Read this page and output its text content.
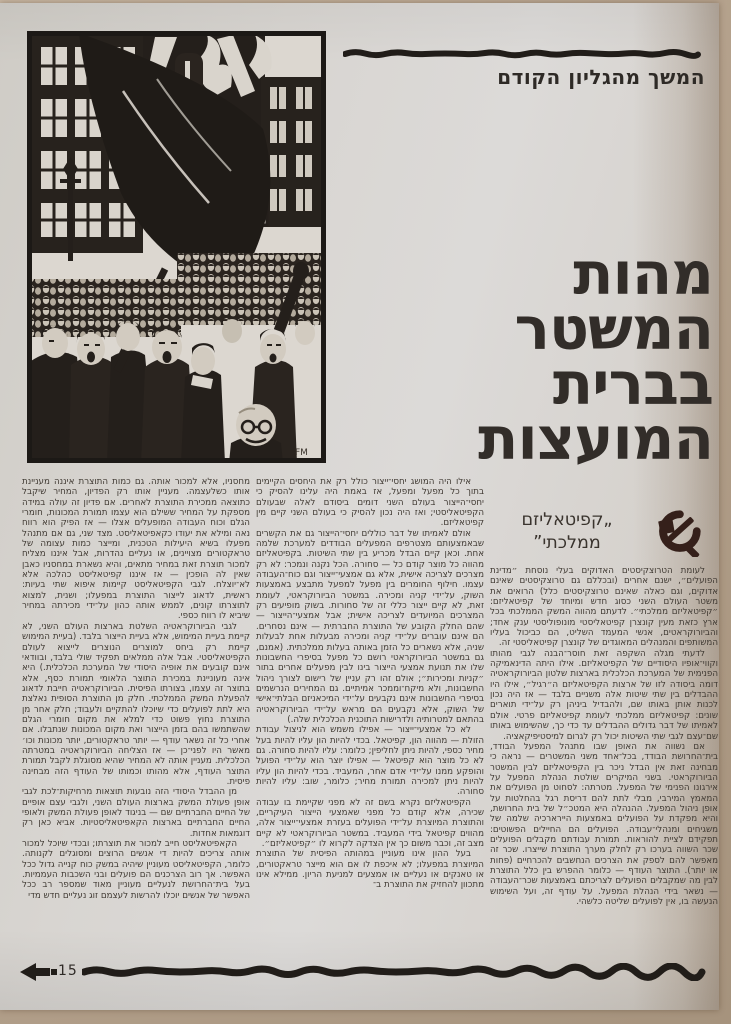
המשך מהגליון הקודם
FM
מהות
המשטר
בברית
המועצות
„קפיטאליזם
ממלכתי”

לעומת הטרוצקיסטים האדוקים בעלי נוסחת ״מדינת הפועלים״, ישנם אחרים (ובכללם גם טרוצקיסטים שאינם אדוקים, וגם כאלה שאינם טרוצקיסטים כלל) הרואים את משטר העולם השני כסוג חדש ומיוחד של קפיטאליזם: ״קפיטאליזם ממלכתי״. לדעתם מהווה המשק הממלכתי בכל ארץ כזאת מעין קונצרן קפיטאליסטי מונופוליסטי ענק אחד; והביורוקראטים, אנשי המעמד השליט, הם כביכול בעליו המשותפים והמנהלים המאוגדים של קונצרן קפיטאליסטי זה.

לדעתי מגלה השקפה זאת חוסר־הבנה לגבי מהותו וקווי־אופיו היסודיים של הקפיטאליזם. אילו היתה הדינאמיקה הפנימית של המערכת הכלכלית בארצות שלטון הביורוקראטיה דומה ביסודה לזו של ארצות הקפיטאליזם ה״רגיל״, אילו היו ההבדלים בין שתי שיטות אלה משניים בלבד — אז היה נכון לכנות אותן באותו שם, ולהבדיל ביניהן רק על־ידי תוארים שונים: קפיטאליזם ממלכתי לעומת קפיטאליזם פרטי. אולם לאמיתו של דבר גדולים ההבדלים עד כדי כך, שהשימוש באותו שם־עצם לגבי שתי השיטות יכול רק לגרום למיסטיפיקאציה.

אם נשווה את האופן שבו מתנהל המפעל הבודד, בית־החרושת הבודד, בכל־אחד משני המשטרים — נראה כי מבחינה זאת אין הבדל ניכר בין הקפיטאליזם לבין המשטר הביורוקראטי. בשני המיקרים שולטת הנהלת המפעל על אירגונו הפנימי של המפעל. מטרתה: לסחוט מן הפועלים את המאמץ המירבי, מבלי לתת להם דריסת רגל בהחלטות על אופן ניהול המפעל. ההנהלה היא המטכ״ל של בית החרושת, והיא מפקדת על הפועלים באמצעות היירארכיה שלמה של משגיחים ומנהלי־עבודה. הפועלים הם החיילים הפשוטים: תפקידם לציית להוראות. תמורת עבודתם מקבלים הפועלים שכר השווה בערכו רק לחלק מערך התוצרת שייצרו. שכר זה מאפשר להם לספק את הצרכים הנחשבים להכרחיים (פחות או יותר). התוצר העודף — כלומר ההפרש בין כלל התוצרת לבין מה שמקבלים הפועלים לצריכתם באמצעות שכר־העבודה — נשאר בידי הנהלת המפעל. על עודף זה, ועל השימוש הנעשה בו, אין לפועלים שליטה כלשהי.

אילו היה המושג יחסי־ייצור כולל רק את היחסים הקיימים בתוך כל מפעל ומפעל, אז באמת היה עלינו להסיק כי יחסי־הייצור בעולם השני דומים ביסודם לאלה שבעולם הקפיטאליסטי; ואז היה נכון להסיק כי בעולם השני קיים מין קפיטאליזם.

אולם לאמיתו של דבר כוללים יחסי־הייצור גם את הקשרים שבאמצעותם מצטרפים המפעלים הבודדים למערכת שלמה אחת. וכאן קיים הבדל מכריע בין שתי השיטות. בקפיטאליזם מהווה כל מוצר קודם כל — סחורה. הכל נקנה ונמכר: לא רק מצרכים לצריכה אישית, אלא גם אמצעי־ייצור וגם כוח־העבודה עצמו. חילוף החומרים בין מפעל למפעל מתבצע באמצעות השוק, על־ידי קניה ומכירה. במשטר הביורוקראטי, לעומת זאת, לא קיים ייצור כללי זה של סחורות. בשוק מופיעים רק המצרכים המיועדים לצריכה אישית; אבל אמצעי־הייצור — שהם החלק הקובע של התוצרת החברתית — אינם נסחרים. הם אינם עוברים על־ידי קניה ומכירה מבעלות אחת לבעלות שניה, אלא נשארים כל הזמן באותה בעלות ממלכתית. (אמנם, גם במשטר הביורוקראטי רושם כל מפעל בסיפרי החשבונות שלו את תנועת אמצעי הייצור בינו לבין מפעלים אחרים בתור ״קניות ומכירות״; אולם זהו רק עניין של רישום לצורך ניהול החשבונות, ולא מיקח־וממכר אמיתיים. גם המחירים הנרשמים בסיפרי החשבונות אינם נקבעים על־ידי המיכאניזם הבלתי־אישי של השוק, אלא נקבעים הם מראש על־ידי הביורוקראטיה בהתאם למטרותיה ולדרישות התוכנית הכלכלית שלה.)

לא כל אמצעי־ייצור — אפילו משמש הוא לניצול עבודת הזולת — מהווה הון, קפיטאל. בכדי להיות הון עליו להיות בעל מחיר כספי, להיות ניתן לחליפין; כלומר: עליו להיות סחורה. גם לא כל מוצר הוא קפיטאל — אפילו יוצר הוא על־ידי הפועל והופקע ממנו על־ידי אדם אחר, המעביד. בכדי להיות הון עליו להיות ניתן למכירה תמורת מחיר; כלומר, שוב: עליו להיות סחורה.

הקפיטאליזם נקרא בשם זה לא מפני שקיימת בו עבודה שכירה, אלא קודם כל מפני שאמצעי הייצור העיקריים, והתוצרת המיוצרת על־ידי הפועלים בעזרת אמצעי־ייצור אלה, מהווים קפיטאל בידי המעביד. במשטר הביורוקראטי לא קיים מצב זה, וכבר משום כך אין הצדקה לקרוא לו ״קפיטאליזם״.

בעל ההון אינו מעוניין במהותה הפיסית של התוצרת המיוצרת במפעלו; לא איכפת לו אם הוא מייצר טראקטורים, או טאנקים או נעליים או אמצעים למניעת הריון. ממילא אינו מתכוון להחזיק את התוצרת ב־

מחסניו, אלא למכור אותה. גם כמות התוצרת איננה מעניינת אותו כשלעצמה. מעניין אותו רק הפדיון, המחיר שיקבל כתוצאה ממכירת התוצרת לאחרים. אם פדיון זה עולה במידה מספקת על המחיר ששילם הוא עצמו תמורת המכונות, חומרי הגלם וכוח העבודה המופעלים אצלו — אז הפיק הוא רווח נאה ומילא את יעודו כקאפיטאליסט. מצד שני, גם אם מתנהל מפעלו בשיא היעילות הטכנית, ומייצר כמות עצומה של טראקטורים מצויינים, או נעליים נהדרות, אבל איננו מצליח למכור תוצרת זאת במחיר מתאים, והיא נשארת במחסניו כאבן שאין לה הופכין — אז איננו קפיטאליסט כהלכה אלא לא־יוצלח. לגבי הקפיטאליסט קיימות איפוא שתי בעיות: ראשית, לדאוג לייצור התוצרת במפעלו; ושנית, למצוא לתוצרתו קונים, לממש אותה כהון על־ידי מכירתה במחיר שיביא לו רווח כספי.

לגבי הביורוקראטיה השלטת בארצות העולם השני, לא קיימת בעיית המימוש, אלא בעיית הייצור בלבד. (בעיית המימוש קיימת רק ביחס למוצרים הנוצרים לייצוא לעולם הקפיטאליסטי. אבל אלה ממלאים תפקיד שולי בלבד, ובוודאי אינם קובעים את אופיה היסודי של המערכת הכלכלית.) היא אינה מעוניינת במכירת התוצר הלאומי תמורת כסף, אלא בתוצר זה עצמו, בצורתו הפיסית. הביורוקראטיה חייבת לדאוג להפעלת המשק הממלכתי. חלק מן התוצרת הסופית נאלצת היא לתת לפועלים כדי שיוכלו להתקיים ולעבוד; חלק אחר מן התוצרת נחוץ פשוט כדי למלא את מקום חומרי הגלם שהשתמשו בהם בזמן הייצור ואת מקום המכונות שנתבלו. אם אחרי כל זה נשאר עודף — יותר טראקטורים, יותר מכונות וכו׳ מאשר היו לפני־כן — אז הצליחה הביורוקראטיה במטרתה הכלכלית. מעניין אותה לא המחיר שהיא מסוגלת לקבל תמורת התוצר העודף, אלא מהותו וכמותו של העודף הזה מבחינה פיסית.

מן ההבדל היסודי הזה נובעות תוצאות מרחיקות־לכת לגבי אופן פעולת המשק בארצות העולם השני, ולגבי עצם אופיים של החיים החברתיים שם — בניגוד לאופן פעולת המשק ולאופי החיים החברתיים בארצות הקאפיטאליסטיות. אביא כאן רק דוגמאות אחדות.

הקאפיטאליסט חייב למכור את תוצרתו; ובכדי שיוכל למכור אותה צריכים להיות די אנשים הרוצים ומסוגלים לקנותה. כלומר, הקפיטאליסט מעוניין שיהיה במשק כוח קנייה גדול ככל האפשר. אך רוב הצרכנים הם פועלים ובני השכבות העממיות. בעל בית־החרושת לנעליים מעוניין מאוד שמספר רב ככל האפשר של אנשים יוכלו להרשות לעצמם זוג נעליים חדש מדי

15
